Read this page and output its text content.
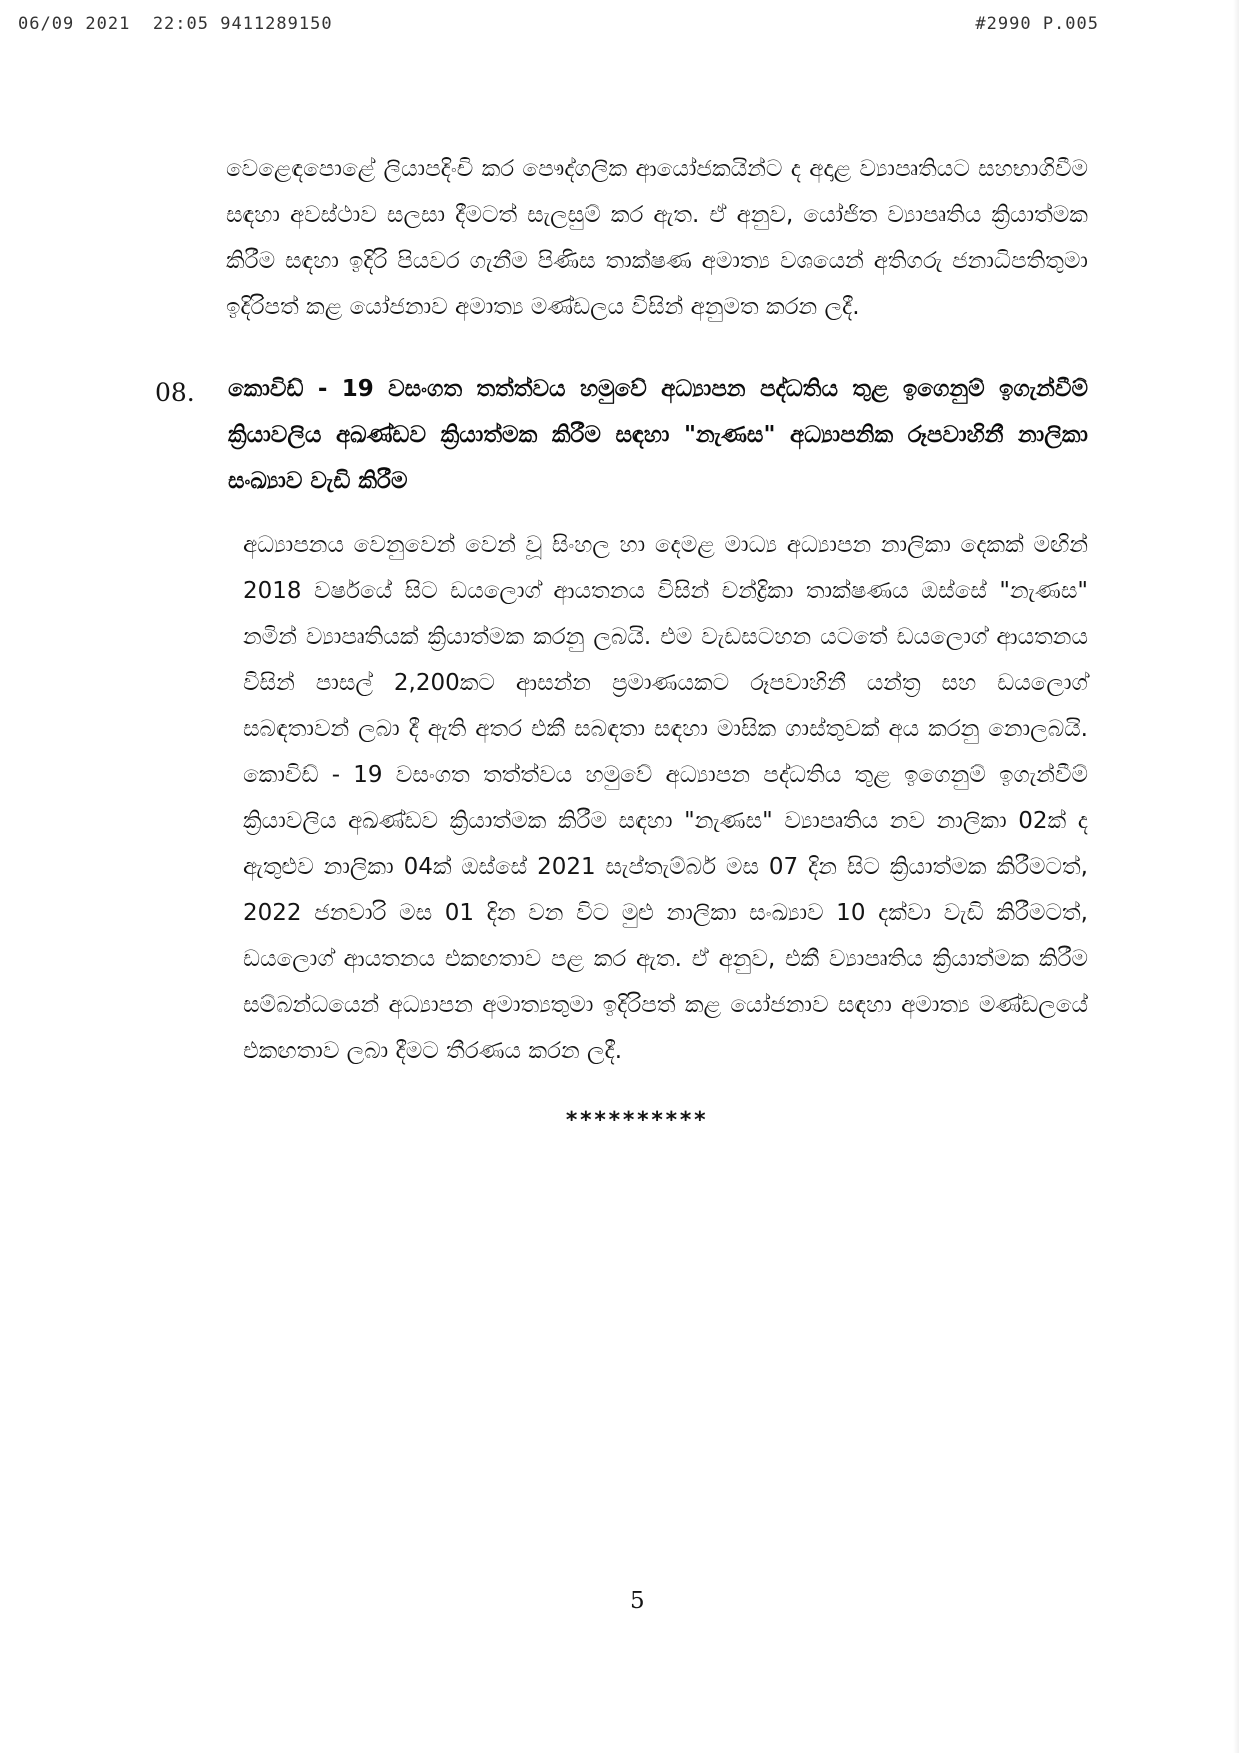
06/09 2021  22:05 9411289150	#2990 P.005
වෙළෙඳපොළේ ලියාපදිංචි කර පෞද්ගලික ආයෝජකයින්ට ද අදාළ ව්‍යාපෘතියට සහභාගිවීම සඳහා අවස්ථාව සලසා දීමටත් සැලසුම් කර ඇත. ඒ අනුව, යෝජිත ව්‍යාපෘතිය ක්‍රියාත්මක කිරීම සඳහා ඉදිරි පියවර ගැනීම පිණිස තාක්ෂණ අමාත්‍ය වශයෙන් අතිගරු ජනාධිපතිතුමා ඉදිරිපත් කළ යෝජනාව අමාත්‍ය මණ්ඩලය විසින් අනුමත කරන ලදී.
08. කොවිඩ් - 19 වසංගත තත්ත්වය හමුවේ අධ්‍යාපන පද්ධතිය තුළ ඉගෙනුම් ඉගැන්වීම් ක්‍රියාවලිය අඛණ්ඩව ක්‍රියාත්මක කිරීම සඳහා "නැණස" අධ්‍යාපනික රූපවාහිනී නාලිකා සංඛ්‍යාව වැඩි කිරීම
අධ්‍යාපනය වෙනුවෙන් වෙන් වූ සිංහල හා දෙමළ මාධ්‍ය අධ්‍යාපන නාලිකා දෙකක් මඟින් 2018 වර්ෂයේ සිට ඩයලොග් ආයතනය විසින් චන්ද්‍රිකා තාක්ෂණය ඔස්සේ "නැණස" නමින් ව්‍යාපෘතියක් ක්‍රියාත්මක කරනු ලබයි. එම වැඩසටහන යටතේ ඩයලොග් ආයතනය විසින් පාසල් 2,200කට ආසන්න ප්‍රමාණයකට රූපවාහිනී යන්ත්‍ර සහ ඩයලොග් සබඳතාවන් ලබා දී ඇති අතර එකී සබඳතා සඳහා මාසික ගාස්තුවක් අය කරනු නොලබයි. කොවිඩ් - 19 වසංගත තත්ත්වය හමුවේ අධ්‍යාපන පද්ධතිය තුළ ඉගෙනුම් ඉගැන්වීම් ක්‍රියාවලිය අඛණ්ඩව ක්‍රියාත්මක කිරීම සඳහා "නැණස" ව්‍යාපෘතිය නව නාලිකා 02ක් ද ඇතුළුව නාලිකා 04ක් ඔස්සේ 2021 සැප්තැම්බර් මස 07 දින සිට ක්‍රියාත්මක කිරීමටත්, 2022 ජනවාරි මස 01 දින වන විට මුළු නාලිකා සංඛ්‍යාව 10 දක්වා වැඩි කිරීමටත්, ඩයලොග් ආයතනය එකඟතාව පළ කර ඇත. ඒ අනුව, එකී ව්‍යාපෘතිය ක්‍රියාත්මක කිරීම සම්බන්ධයෙන් අධ්‍යාපන අමාත්‍යතුමා ඉදිරිපත් කළ යෝජනාව සඳහා අමාත්‍ය මණ්ඩලයේ එකඟතාව ලබා දීමට තීරණය කරන ලදී.
**********
5
